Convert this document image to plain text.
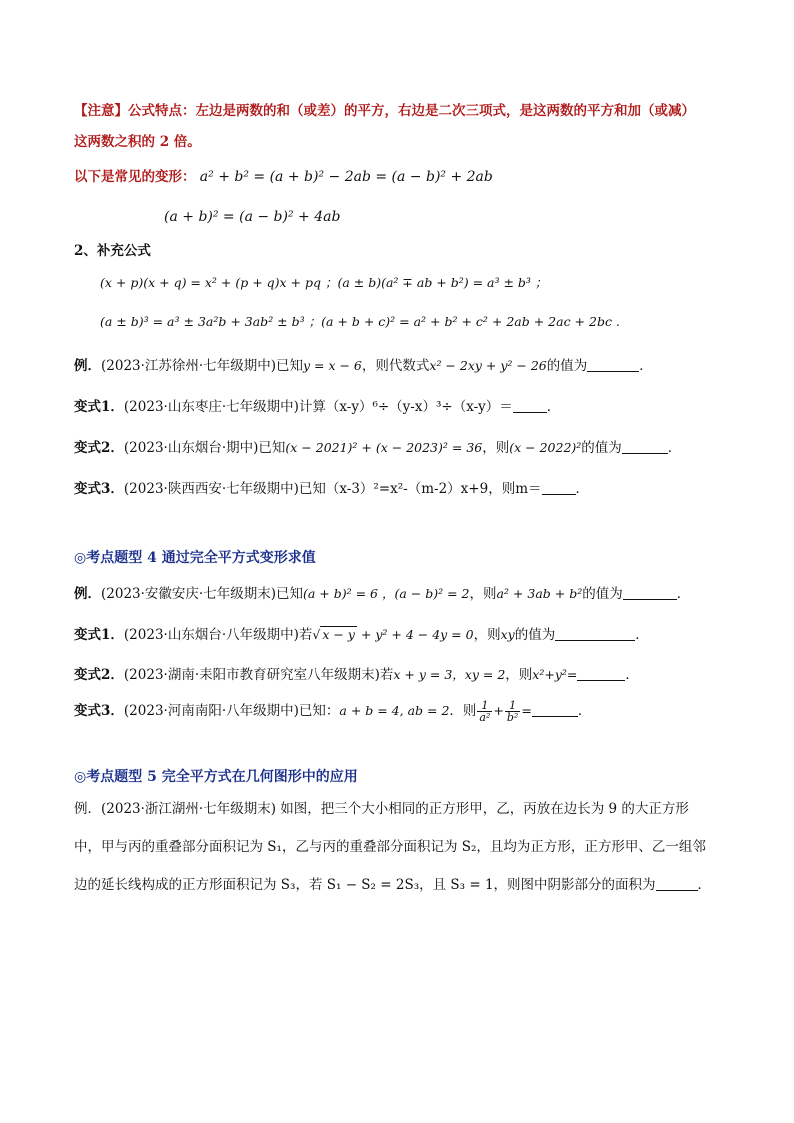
【注意】公式特点：左边是两数的和（或差）的平方，右边是二次三项式，是这两数的平方和加（或减）
这两数之积的 2 倍。
以下是常见的变形： a² + b² = (a + b)² − 2ab = (a − b)² + 2ab
(a + b)² = (a − b)² + 4ab
2、补充公式
(x + p)(x + q) = x² + (p + q)x + pq ；(a ± b)(a² ∓ ab + b²) = a³ ± b³ ；
(a ± b)³ = a³ ± 3a²b + 3ab² ± b³ ；(a + b + c)² = a² + b² + c² + 2ab + 2ac + 2bc .
例．(2023·江苏徐州·七年级期中)已知y = x − 6，则代数式x² − 2xy + y² − 26的值为	．
变式1．(2023·山东枣庄·七年级期中)计算（x-y）⁶÷（y-x）³÷（x-y）＝	．
变式2．(2023·山东烟台·期中)已知(x − 2021)² + (x − 2023)² = 36，则(x − 2022)²的值为	．
变式3．(2023·陕西西安·七年级期中)已知（x-3）²=x²-（m-2）x+9，则m＝	．
◎考点题型 4 通过完全平方式变形求值
例．(2023·安徽安庆·七年级期末)已知(a + b)² = 6 ，(a − b)² = 2，则a² + 3ab + b²的值为	．
变式1．(2023·山东烟台·八年级期中)若√ x − y + y² + 4 − 4y = 0，则xy的值为	．
变式2．(2023·湖南·耒阳市教育研究室八年级期末)若x + y = 3，xy = 2，则x²+y²=	．
变式3．(2023·河南南阳·八年级期中)已知：a + b = 4, ab = 2．则 $\frac{1}{\text{a²}} + \frac{1}{\text{b²}}$ =	．
◎考点题型 5 完全平方式在几何图形中的应用
例．(2023·浙江湖州·七年级期末) 如图，把三个大小相同的正方形甲，乙，丙放在边长为 9 的大正方形
中，甲与丙的重叠部分面积记为 S₁，乙与丙的重叠部分面积记为 S₂，且均为正方形，正方形甲、乙一组邻
边的延长线构成的正方形面积记为 S₃，若 S₁ − S₂ = 2S₃，且 S₃ = 1，则图中阴影部分的面积为	．
